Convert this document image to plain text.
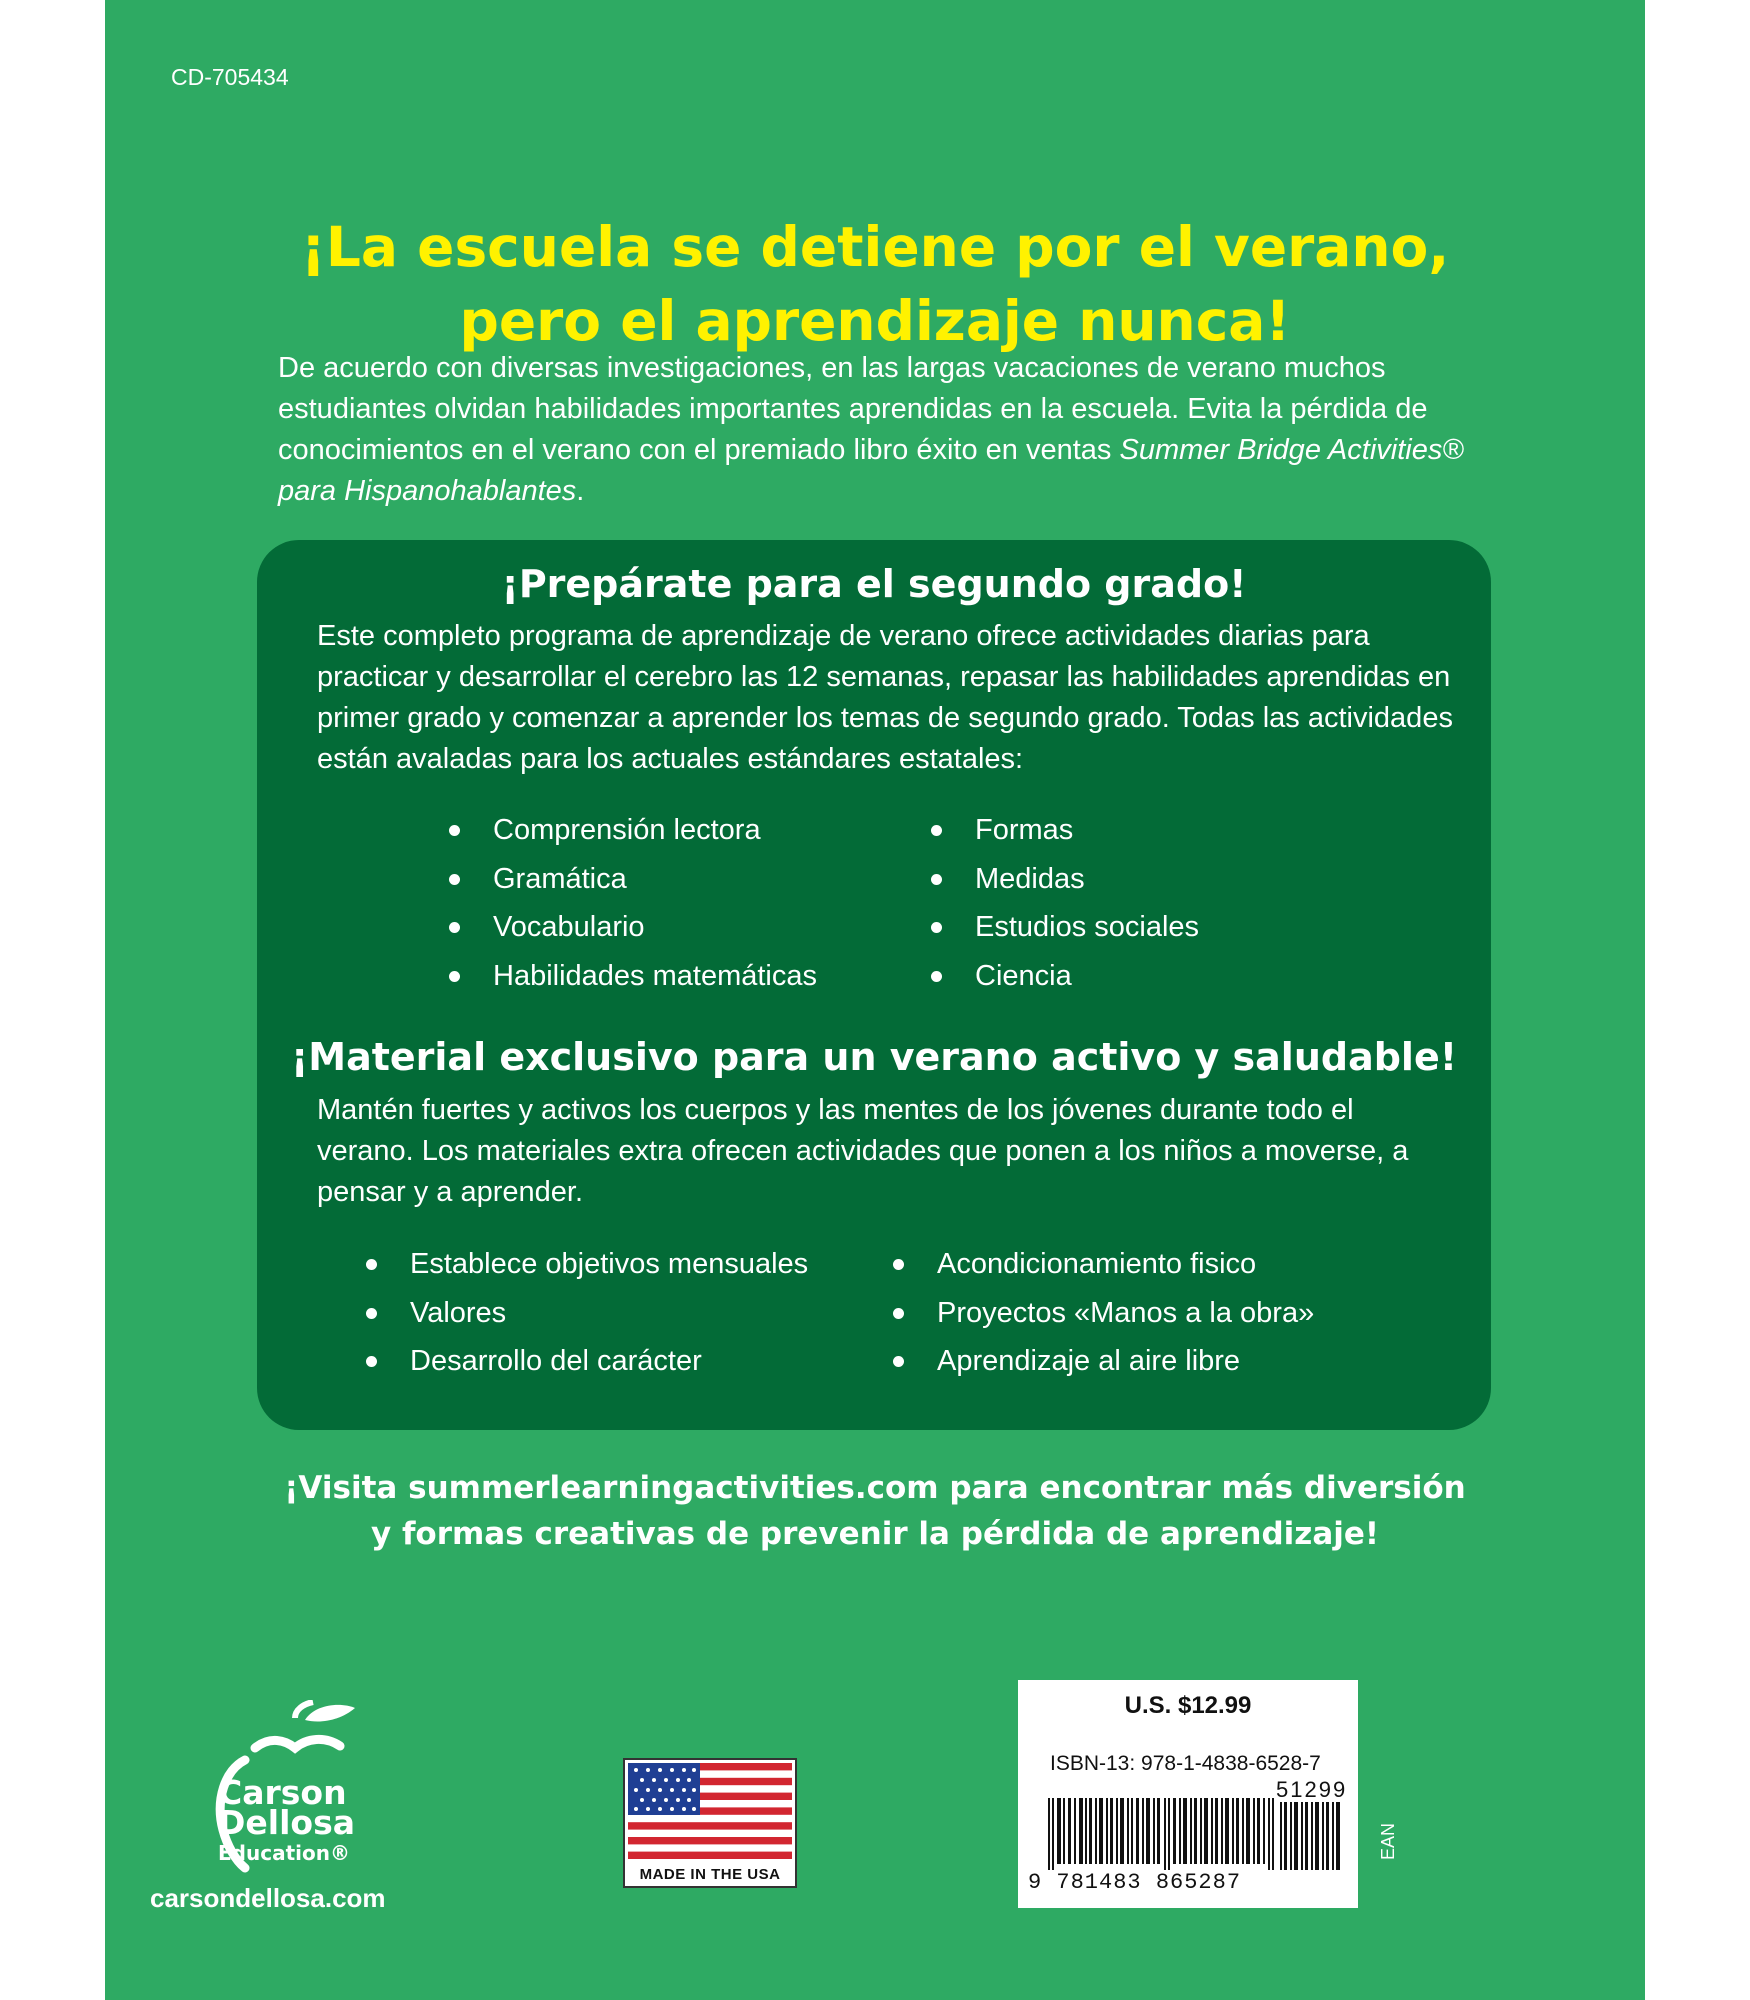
CD-705434
¡La escuela se detiene por el verano,
pero el aprendizaje nunca!

De acuerdo con diversas investigaciones, en las largas vacaciones de verano muchos estudiantes olvidan habilidades importantes aprendidas en la escuela. Evita la pérdida de conocimientos en el verano con el premiado libro éxito en ventas Summer Bridge Activities® para Hispanohablantes.

¡Prepárate para el segundo grado!

Este completo programa de aprendizaje de verano ofrece actividades diarias para practicar y desarrollar el cerebro las 12 semanas, repasar las habilidades aprendidas en primer grado y comenzar a aprender los temas de segundo grado. Todas las actividades están avaladas para los actuales estándares estatales:

Comprensión lectora
Gramática
Vocabulario
Habilidades matemáticas
Formas
Medidas
Estudios sociales
Ciencia
¡Material exclusivo para un verano activo y saludable!

Mantén fuertes y activos los cuerpos y las mentes de los jóvenes durante todo el verano. Los materiales extra ofrecen actividades que ponen a los niños a moverse, a pensar y a aprender.

Establece objetivos mensuales
Valores
Desarrollo del carácter
Acondicionamiento fisico
Proyectos «Manos a la obra»
Aprendizaje al aire libre

¡Visita summerlearningactivities.com para encontrar más diversión
y formas creativas de prevenir la pérdida de aprendizaje!

Carson
Dellosa
Education®
carsondellosa.com
MADE IN THE USA
U.S. $12.99
ISBN-13: 978-1-4838-6528-7
51299
9 781483 865287
EAN
